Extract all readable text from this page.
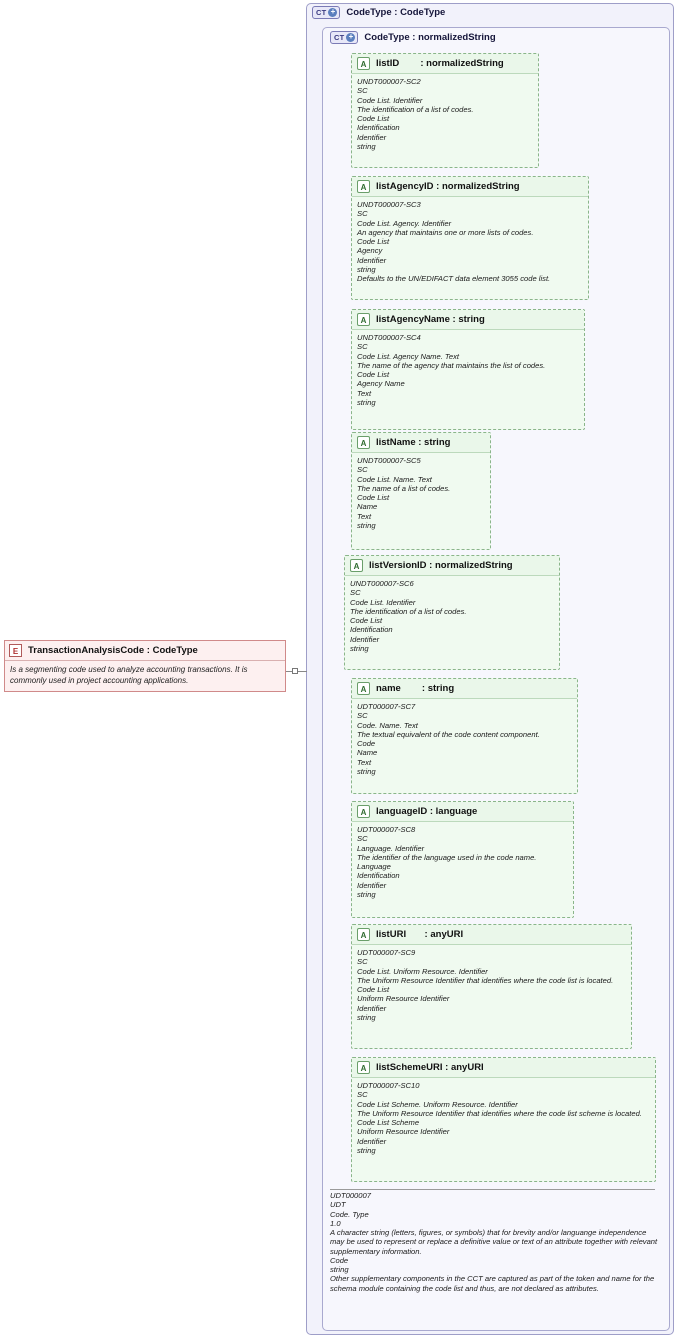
CT + CodeType : CodeType
CT + CodeType : normalizedString
E	TransactionAnalysisCode : CodeType
Is a segmenting code used to analyze accounting transactions. It is commonly used in project accounting applications.
A	listID        : normalizedString
UNDT000007-SC2
SC
Code List. Identifier
The identification of a list of codes.
Code List
Identification
Identifier
string
A	listAgencyID : normalizedString
UNDT000007-SC3
SC
Code List. Agency. Identifier
An agency that maintains one or more lists of codes.
Code List
Agency
Identifier
string
Defaults to the UN/EDIFACT data element 3055 code list.
A	listAgencyName : string
UNDT000007-SC4
SC
Code List. Agency Name. Text
The name of the agency that maintains the list of codes.
Code List
Agency Name
Text
string
A	listName : string
UNDT000007-SC5
SC
Code List. Name. Text
The name of a list of codes.
Code List
Name
Text
string
A	listVersionID : normalizedString
UNDT000007-SC6
SC
Code List. Identifier
The identification of a list of codes.
Code List
Identification
Identifier
string
A	name        : string
UDT000007-SC7
SC
Code. Name. Text
The textual equivalent of the code content component.
Code
Name
Text
string
A	languageID : language
UDT000007-SC8
SC
Language. Identifier
The identifier of the language used in the code name.
Language
Identification
Identifier
string
A	listURI       : anyURI
UDT000007-SC9
SC
Code List. Uniform Resource. Identifier
The Uniform Resource Identifier that identifies where the code list is located.
Code List
Uniform Resource Identifier
Identifier
string
A	listSchemeURI : anyURI
UDT000007-SC10
SC
Code List Scheme. Uniform Resource. Identifier
The Uniform Resource Identifier that identifies where the code list scheme is located.
Code List Scheme
Uniform Resource Identifier
Identifier
string
UDT000007
UDT
Code. Type
1.0
A character string (letters, figures, or symbols) that for brevity and/or languange independence may be used to represent or replace a definitive value or text of an attribute together with relevant supplementary information.
Code
string
Other supplementary components in the CCT are captured as part of the token and name for the schema module containing the code list and thus, are not declared as attributes.
